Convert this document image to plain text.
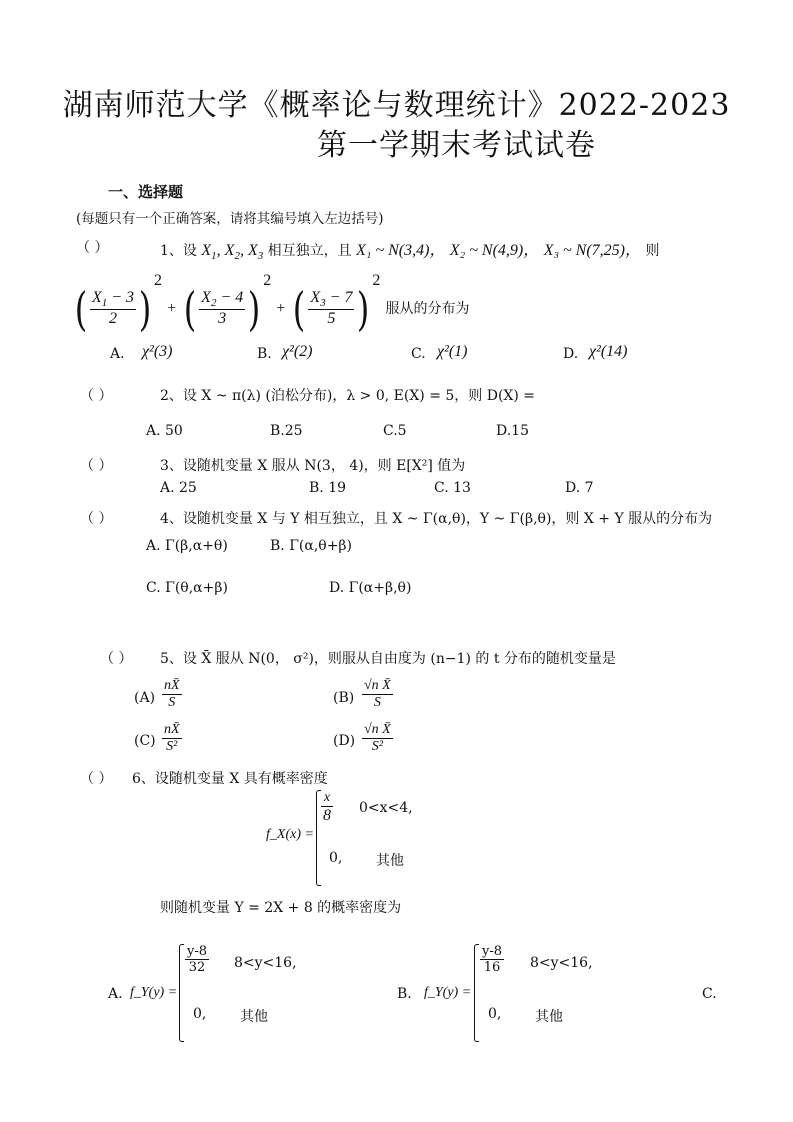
湖南师范大学《概率论与数理统计》2022-2023
第一学期末考试试卷
一、选择题
(每题只有一个正确答案，请将其编号填入左边括号)
（ ）	1、设 $X_1$, $X_2$, $X_3$ 相互独立，且 X₁ ~ N(3,4)， X₂ ~ N(4,9)， X₃ ~ N(7,25)， 则
( $\frac{X_1 - 3}{2} )^2$ + ( $\frac{X_2 - 4}{3} )^2$ + ( $\frac{X_3 - 7}{5} )^2$ 服从的分布为
A. χ²(3)	B. χ²(2)	C. χ²(1)	D. χ²(14)
（ ）	2、设 X ~ π(λ) (泊松分布)，λ > 0, E(X) = 5，则 D(X) =
A. 50	B.25	C.5	D.15
（ ）	3、设随机变量 X 服从 N(3， 4)，则 E[X²] 值为
A. 25	B. 19	C. 13	D. 7
（ ）	4、设随机变量 X 与 Y 相互独立，且 X ~ Γ(α,θ)，Y ~ Γ(β,θ)，则 X + Y 服从的分布为
A. Γ(β,α+θ)	B. Γ(α,θ+β)
C. Γ(θ,α+β)	D. Γ(α+β,θ)
（ ） 5、设 X̄ 服从 N(0， σ²)，则服从自由度为 (n−1) 的 t 分布的随机变量是
$(A) \frac{nX̄}{S}$	$(B) \frac{\text{√n X̄}}{S}$
$(C) \frac{nX̄}{\text{S²}}$	$(D) \frac{\text{√n X̄}}{\text{S²}}$
（ ） 6、设随机变量 X 具有概率密度
f_X(x) =
$\frac{x}{8} 0<x<4$,
0, 其他
则随机变量 Y = 2X + 8 的概率密度为
A. f_Y(y) =
$\frac{y-8}{32} 8<y<16$,
0, 其他
B. f_Y(y) =
$\frac{y-8}{16} 8<y<16$,
0, 其他
C.
